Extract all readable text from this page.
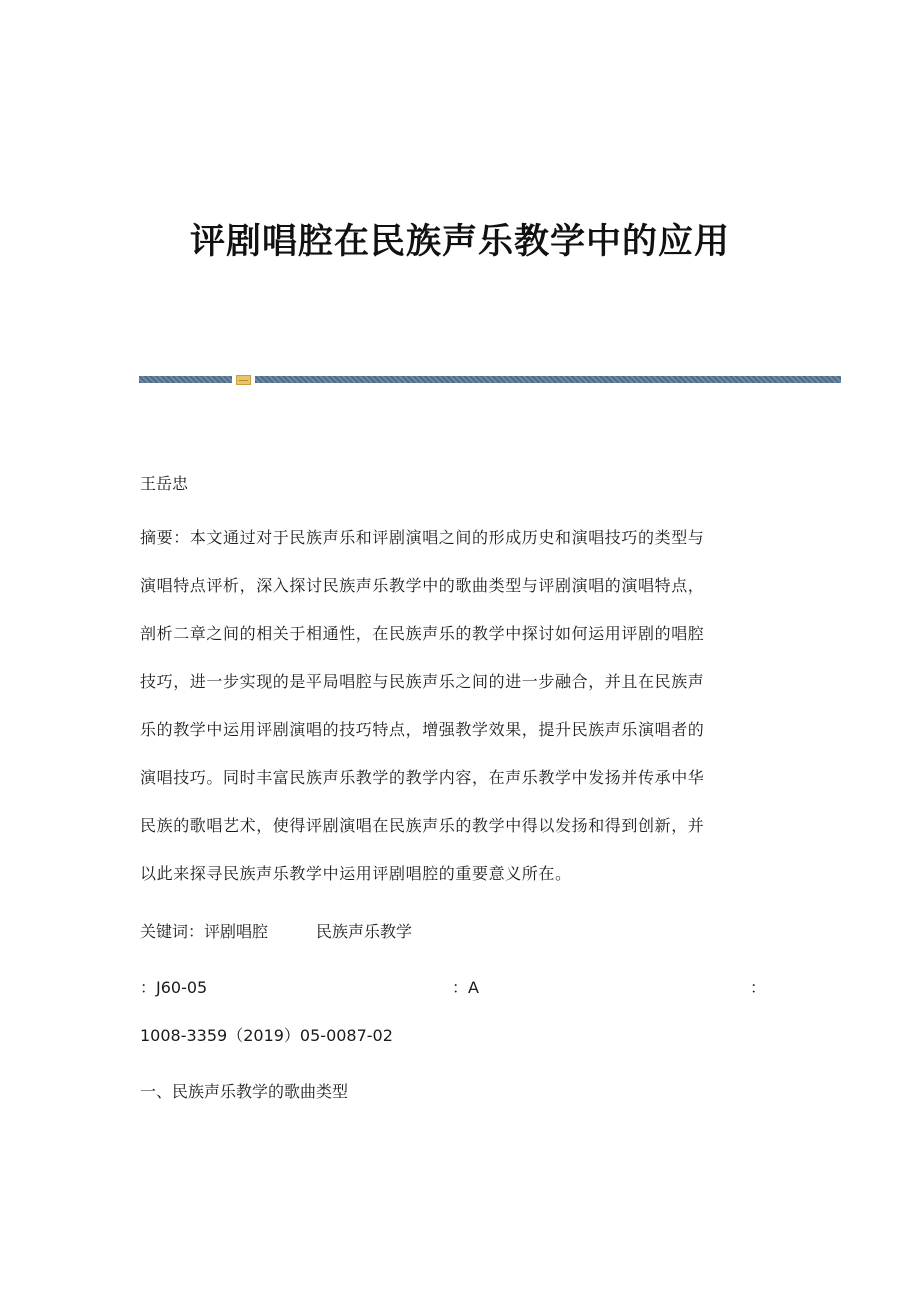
评剧唱腔在民族声乐教学中的应用

王岳忠

摘要：本文通过对于民族声乐和评剧演唱之间的形成历史和演唱技巧的类型与
演唱特点评析，深入探讨民族声乐教学中的歌曲类型与评剧演唱的演唱特点，
剖析二章之间的相关于相通性，在民族声乐的教学中探讨如何运用评剧的唱腔
技巧，进一步实现的是平局唱腔与民族声乐之间的进一步融合，并且在民族声
乐的教学中运用评剧演唱的技巧特点，增强教学效果，提升民族声乐演唱者的
演唱技巧。同时丰富民族声乐教学的教学内容，在声乐教学中发扬并传承中华
民族的歌唱艺术，使得评剧演唱在民族声乐的教学中得以发扬和得到创新，并
以此来探寻民族声乐教学中运用评剧唱腔的重要意义所在。

关键词：评剧唱腔	民族声乐教学

：J60-05	：A	：

1008-3359（2019）05-0087-02

一、民族声乐教学的歌曲类型
